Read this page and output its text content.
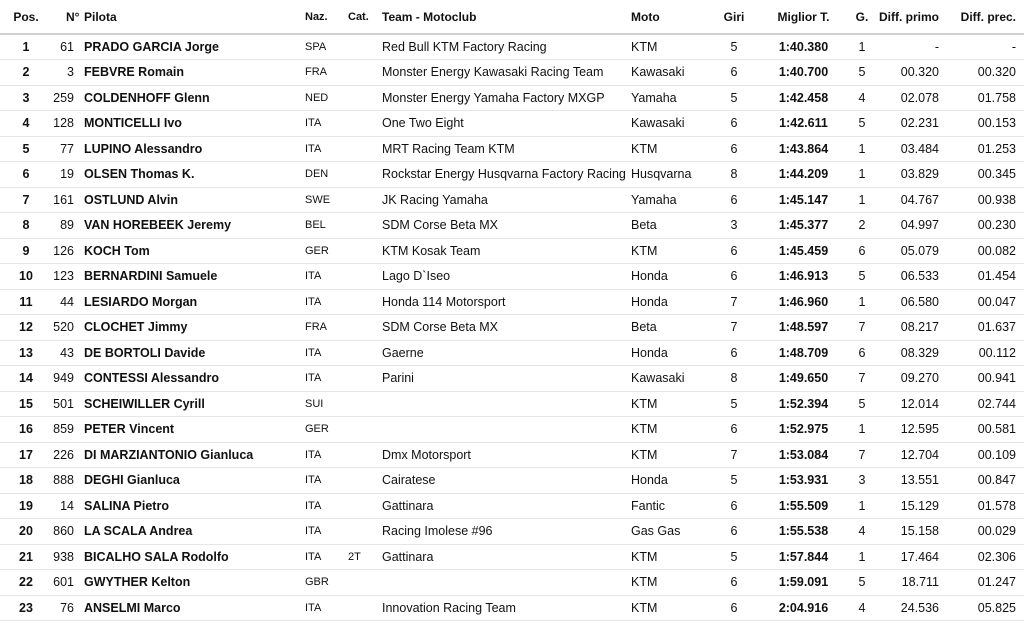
Pos.	N°	Pilota	Naz.	Cat.	Team - Motoclub	Moto	Giri	Miglior T.	G.	Diff. primo	Diff. prec.
1	61	PRADO GARCIA Jorge	SPA		Red Bull KTM Factory Racing	KTM	5	1:40.380	1	-	-
2	3	FEBVRE Romain	FRA		Monster Energy Kawasaki Racing Team	Kawasaki	6	1:40.700	5	00.320	00.320
3	259	COLDENHOFF Glenn	NED		Monster Energy Yamaha Factory MXGP	Yamaha	5	1:42.458	4	02.078	01.758
4	128	MONTICELLI Ivo	ITA		One Two Eight	Kawasaki	6	1:42.611	5	02.231	00.153
5	77	LUPINO Alessandro	ITA		MRT Racing Team KTM	KTM	6	1:43.864	1	03.484	01.253
6	19	OLSEN Thomas K.	DEN		Rockstar Energy Husqvarna Factory Racing	Husqvarna	8	1:44.209	1	03.829	00.345
7	161	OSTLUND Alvin	SWE		JK Racing Yamaha	Yamaha	6	1:45.147	1	04.767	00.938
8	89	VAN HOREBEEK Jeremy	BEL		SDM Corse Beta MX	Beta	3	1:45.377	2	04.997	00.230
9	126	KOCH Tom	GER		KTM Kosak Team	KTM	6	1:45.459	6	05.079	00.082
10	123	BERNARDINI Samuele	ITA		Lago D`Iseo	Honda	6	1:46.913	5	06.533	01.454
11	44	LESIARDO Morgan	ITA		Honda 114 Motorsport	Honda	7	1:46.960	1	06.580	00.047
12	520	CLOCHET Jimmy	FRA		SDM Corse Beta MX	Beta	7	1:48.597	7	08.217	01.637
13	43	DE BORTOLI Davide	ITA		Gaerne	Honda	6	1:48.709	6	08.329	00.112
14	949	CONTESSI Alessandro	ITA		Parini	Kawasaki	8	1:49.650	7	09.270	00.941
15	501	SCHEIWILLER Cyrill	SUI			KTM	5	1:52.394	5	12.014	02.744
16	859	PETER Vincent	GER			KTM	6	1:52.975	1	12.595	00.581
17	226	DI MARZIANTONIO Gianluca	ITA		Dmx Motorsport	KTM	7	1:53.084	7	12.704	00.109
18	888	DEGHI Gianluca	ITA		Cairatese	Honda	5	1:53.931	3	13.551	00.847
19	14	SALINA Pietro	ITA		Gattinara	Fantic	6	1:55.509	1	15.129	01.578
20	860	LA SCALA Andrea	ITA		Racing Imolese #96	Gas Gas	6	1:55.538	4	15.158	00.029
21	938	BICALHO SALA Rodolfo	ITA	2T	Gattinara	KTM	5	1:57.844	1	17.464	02.306
22	601	GWYTHER Kelton	GBR			KTM	6	1:59.091	5	18.711	01.247
23	76	ANSELMI Marco	ITA		Innovation Racing Team	KTM	6	2:04.916	4	24.536	05.825
